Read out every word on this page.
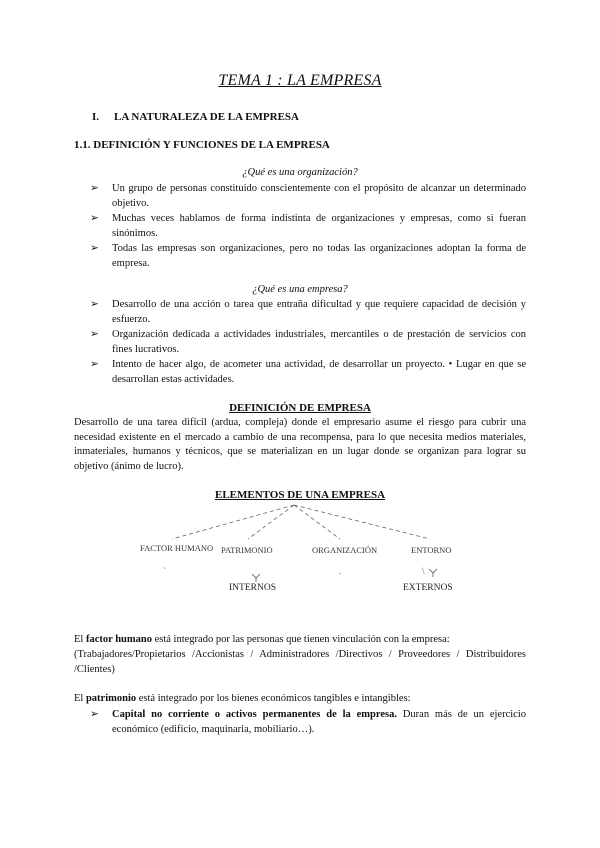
TEMA 1 : LA EMPRESA
I. LA NATURALEZA DE LA EMPRESA
1.1. DEFINICIÓN Y FUNCIONES DE LA EMPRESA
¿Qué es una organización?
➢ Un grupo de personas constituido conscientemente con el propósito de alcanzar un determinado objetivo.
➢ Muchas veces hablamos de forma indistinta de organizaciones y empresas, como si fueran sinónimos.
➢ Todas las empresas son organizaciones, pero no todas las organizaciones adoptan la forma de empresa.
¿Qué es una empresa?
➢ Desarrollo de una acción o tarea que entraña dificultad y que requiere capacidad de decisión y esfuerzo.
➢ Organización dedicada a actividades industriales, mercantiles o de prestación de servicios con fines lucrativos.
➢ Intento de hacer algo, de acometer una actividad, de desarrollar un proyecto. • Lugar en que se desarrollan estas actividades.
DEFINICIÓN DE EMPRESA
Desarrollo de una tarea difícil (ardua, compleja) donde el empresario asume el riesgo para cubrir una necesidad existente en el mercado a cambio de una recompensa, para lo que necesita medios materiales, inmateriales, humanos y técnicos, que se materializan en un lugar donde se organizan para lograr su objetivo (ánimo de lucro).
ELEMENTOS DE UNA EMPRESA
`	.	\
FACTOR HUMANO PATRIMONIO	ORGANIZACIÓN	ENTORNO
INTERNOS	EXTERNOS
El factor humano está integrado por las personas que tienen vinculación con la empresa:
(Trabajadores/Propietarios /Accionistas / Administradores /Directivos / Proveedores / Distribuidores /Clientes)
El patrimonio está integrado por los bienes económicos tangibles e intangibles:
➢ Capital no corriente o activos permanentes de la empresa. Duran más de un ejercicio económico (edificio, maquinaria, mobiliario…).
